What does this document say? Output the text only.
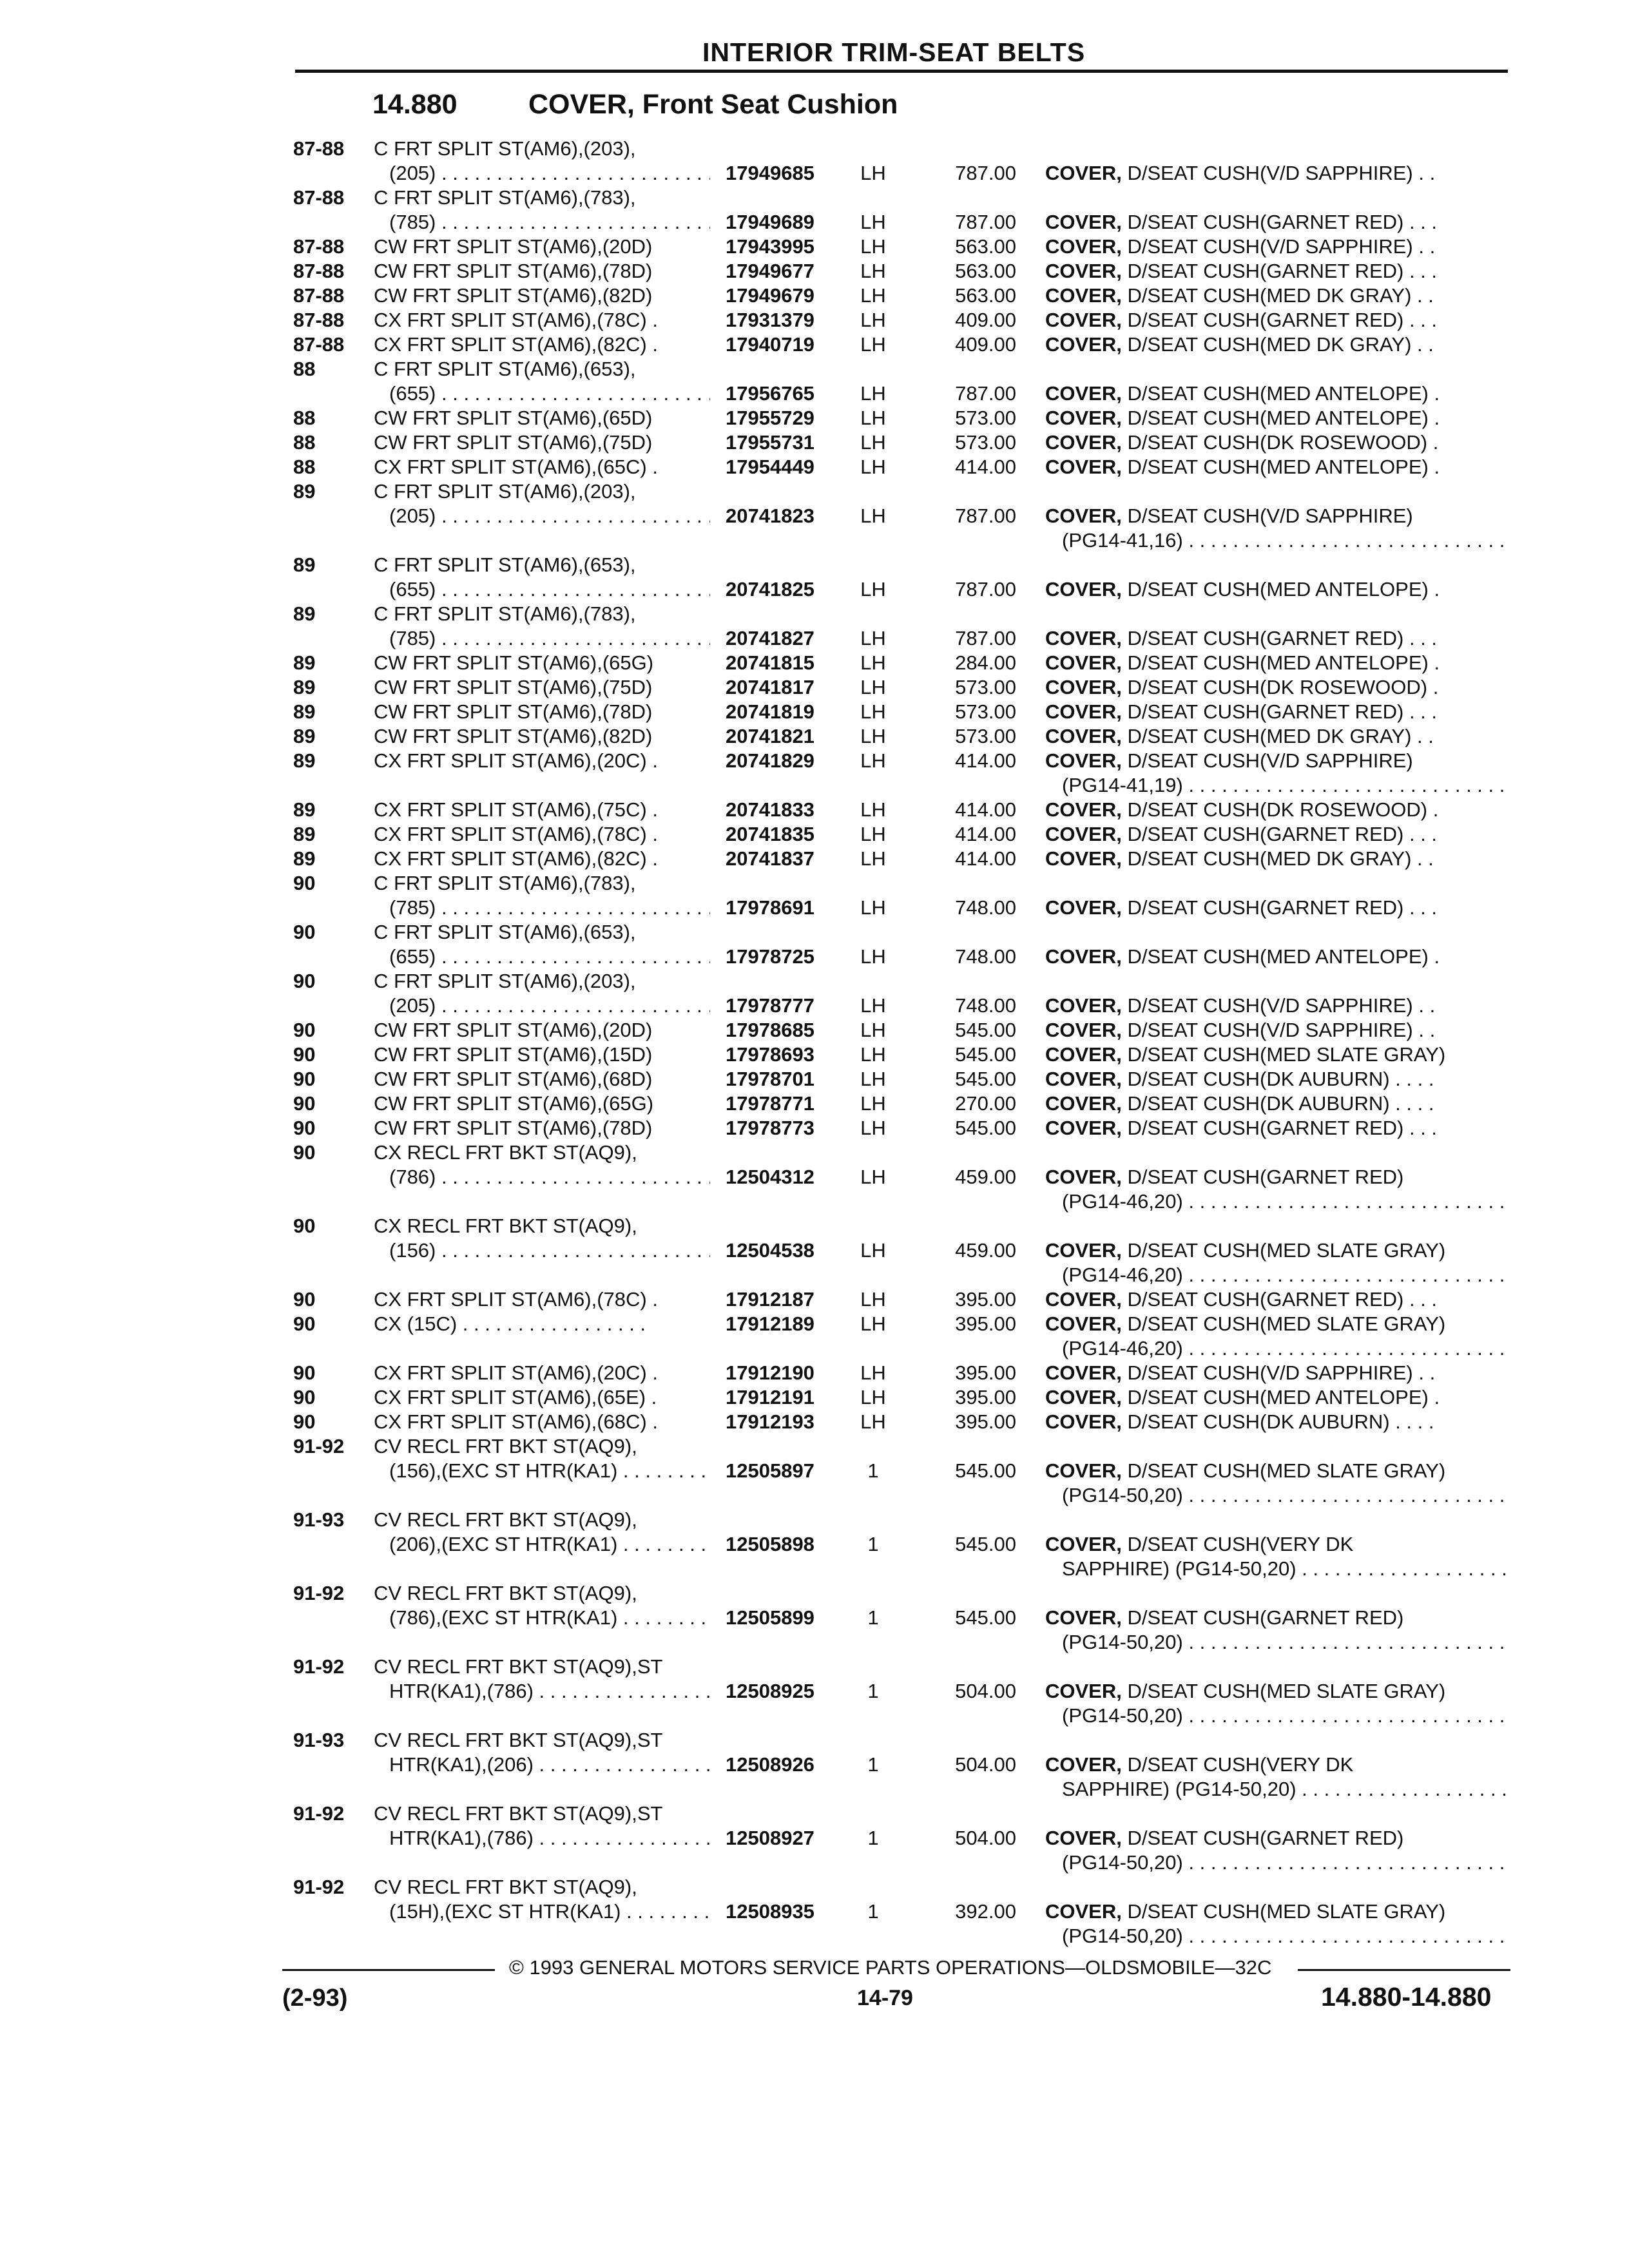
INTERIOR TRIM-SEAT BELTS
14.880	COVER, Front Seat Cushion
87-88 C FRT SPLIT ST(AM6),(203),
(205) . . .	17949685 LH	787.00 COVER, D/SEAT CUSH(V/D SAPPHIRE) . .
87-88 C FRT SPLIT ST(AM6),(783),
(785) . . .	17949689 LH	787.00 COVER, D/SEAT CUSH(GARNET RED) . . .
87-88 CW FRT SPLIT ST(AM6),(20D)	17943995 LH	563.00 COVER, D/SEAT CUSH(V/D SAPPHIRE) . .
87-88 CW FRT SPLIT ST(AM6),(78D)	17949677 LH	563.00 COVER, D/SEAT CUSH(GARNET RED) . . .
87-88 CW FRT SPLIT ST(AM6),(82D)	17949679 LH	563.00 COVER, D/SEAT CUSH(MED DK GRAY) . .
87-88 CX FRT SPLIT ST(AM6),(78C) .	17931379 LH	409.00 COVER, D/SEAT CUSH(GARNET RED) . . .
87-88 CX FRT SPLIT ST(AM6),(82C) .	17940719 LH	409.00 COVER, D/SEAT CUSH(MED DK GRAY) . .
88	C FRT SPLIT ST(AM6),(653),
(655) . . .	17956765 LH	787.00 COVER, D/SEAT CUSH(MED ANTELOPE) .
88	CW FRT SPLIT ST(AM6),(65D)	17955729 LH	573.00 COVER, D/SEAT CUSH(MED ANTELOPE) .
88	CW FRT SPLIT ST(AM6),(75D)	17955731 LH	573.00 COVER, D/SEAT CUSH(DK ROSEWOOD) .
88	CX FRT SPLIT ST(AM6),(65C) .	17954449 LH	414.00 COVER, D/SEAT CUSH(MED ANTELOPE) .
89	C FRT SPLIT ST(AM6),(203),
(205) . . .	20741823 LH	787.00 COVER, D/SEAT CUSH(V/D SAPPHIRE)
(PG14-41,16) . . .
89	C FRT SPLIT ST(AM6),(653),
(655) . . .	20741825 LH	787.00 COVER, D/SEAT CUSH(MED ANTELOPE) .
89	C FRT SPLIT ST(AM6),(783),
(785) . . .	20741827 LH	787.00 COVER, D/SEAT CUSH(GARNET RED) . . .
89	CW FRT SPLIT ST(AM6),(65G)	20741815 LH	284.00 COVER, D/SEAT CUSH(MED ANTELOPE) .
89	CW FRT SPLIT ST(AM6),(75D)	20741817 LH	573.00 COVER, D/SEAT CUSH(DK ROSEWOOD) .
89	CW FRT SPLIT ST(AM6),(78D)	20741819 LH	573.00 COVER, D/SEAT CUSH(GARNET RED) . . .
89	CW FRT SPLIT ST(AM6),(82D)	20741821 LH	573.00 COVER, D/SEAT CUSH(MED DK GRAY) . .
89	CX FRT SPLIT ST(AM6),(20C) .	20741829 LH	414.00 COVER, D/SEAT CUSH(V/D SAPPHIRE)
(PG14-41,19) . . .
89	CX FRT SPLIT ST(AM6),(75C) .	20741833 LH	414.00 COVER, D/SEAT CUSH(DK ROSEWOOD) .
89	CX FRT SPLIT ST(AM6),(78C) .	20741835 LH	414.00 COVER, D/SEAT CUSH(GARNET RED) . . .
89	CX FRT SPLIT ST(AM6),(82C) .	20741837 LH	414.00 COVER, D/SEAT CUSH(MED DK GRAY) . .
90	C FRT SPLIT ST(AM6),(783),
(785) . . .	17978691 LH	748.00 COVER, D/SEAT CUSH(GARNET RED) . . .
90	C FRT SPLIT ST(AM6),(653),
(655) . . .	17978725 LH	748.00 COVER, D/SEAT CUSH(MED ANTELOPE) .
90	C FRT SPLIT ST(AM6),(203),
(205) . . .	17978777 LH	748.00 COVER, D/SEAT CUSH(V/D SAPPHIRE) . .
90	CW FRT SPLIT ST(AM6),(20D)	17978685 LH	545.00 COVER, D/SEAT CUSH(V/D SAPPHIRE) . .
90	CW FRT SPLIT ST(AM6),(15D)	17978693 LH	545.00 COVER, D/SEAT CUSH(MED SLATE GRAY)
90	CW FRT SPLIT ST(AM6),(68D)	17978701 LH	545.00 COVER, D/SEAT CUSH(DK AUBURN) . . . .
90	CW FRT SPLIT ST(AM6),(65G)	17978771 LH	270.00 COVER, D/SEAT CUSH(DK AUBURN) . . . .
90	CW FRT SPLIT ST(AM6),(78D)	17978773 LH	545.00 COVER, D/SEAT CUSH(GARNET RED) . . .
90	CX RECL FRT BKT ST(AQ9),
(786) . . .	12504312 LH	459.00 COVER, D/SEAT CUSH(GARNET RED)
(PG14-46,20) . . .
90	CX RECL FRT BKT ST(AQ9),
(156) . . .	12504538 LH	459.00 COVER, D/SEAT CUSH(MED SLATE GRAY)
(PG14-46,20) . . .
90	CX FRT SPLIT ST(AM6),(78C) .	17912187 LH	395.00 COVER, D/SEAT CUSH(GARNET RED) . . .
90	CX (15C) . . . . . . . . . . . . . . . . .	17912189 LH	395.00 COVER, D/SEAT CUSH(MED SLATE GRAY)
(PG14-46,20) . . .
90	CX FRT SPLIT ST(AM6),(20C) .	17912190 LH	395.00 COVER, D/SEAT CUSH(V/D SAPPHIRE) . .
90	CX FRT SPLIT ST(AM6),(65E) .	17912191 LH	395.00 COVER, D/SEAT CUSH(MED ANTELOPE) .
90	CX FRT SPLIT ST(AM6),(68C) .	17912193 LH	395.00 COVER, D/SEAT CUSH(DK AUBURN) . . . .
91-92 CV RECL FRT BKT ST(AQ9),
(156),(EXC ST HTR(KA1) . . .	12505897	1	545.00 COVER, D/SEAT CUSH(MED SLATE GRAY)
(PG14-50,20) . . .
91-93 CV RECL FRT BKT ST(AQ9),
(206),(EXC ST HTR(KA1) . . .	12505898	1	545.00 COVER, D/SEAT CUSH(VERY DK
SAPPHIRE) (PG14-50,20) . . .
91-92 CV RECL FRT BKT ST(AQ9),
(786),(EXC ST HTR(KA1) . . .	12505899	1	545.00 COVER, D/SEAT CUSH(GARNET RED)
(PG14-50,20) . . .
91-92 CV RECL FRT BKT ST(AQ9),ST
HTR(KA1),(786) . . .	12508925	1	504.00 COVER, D/SEAT CUSH(MED SLATE GRAY)
(PG14-50,20) . . .
91-93 CV RECL FRT BKT ST(AQ9),ST
HTR(KA1),(206) . . .	12508926	1	504.00 COVER, D/SEAT CUSH(VERY DK
SAPPHIRE) (PG14-50,20) . . .
91-92 CV RECL FRT BKT ST(AQ9),ST
HTR(KA1),(786) . . .	12508927	1	504.00 COVER, D/SEAT CUSH(GARNET RED)
(PG14-50,20) . . .
91-92 CV RECL FRT BKT ST(AQ9),
(15H),(EXC ST HTR(KA1) . . .	12508935	1	392.00 COVER, D/SEAT CUSH(MED SLATE GRAY)
(PG14-50,20) . . .
© 1993 GENERAL MOTORS SERVICE PARTS OPERATIONS—OLDSMOBILE—32C
(2-93)	14-79	14.880-14.880
